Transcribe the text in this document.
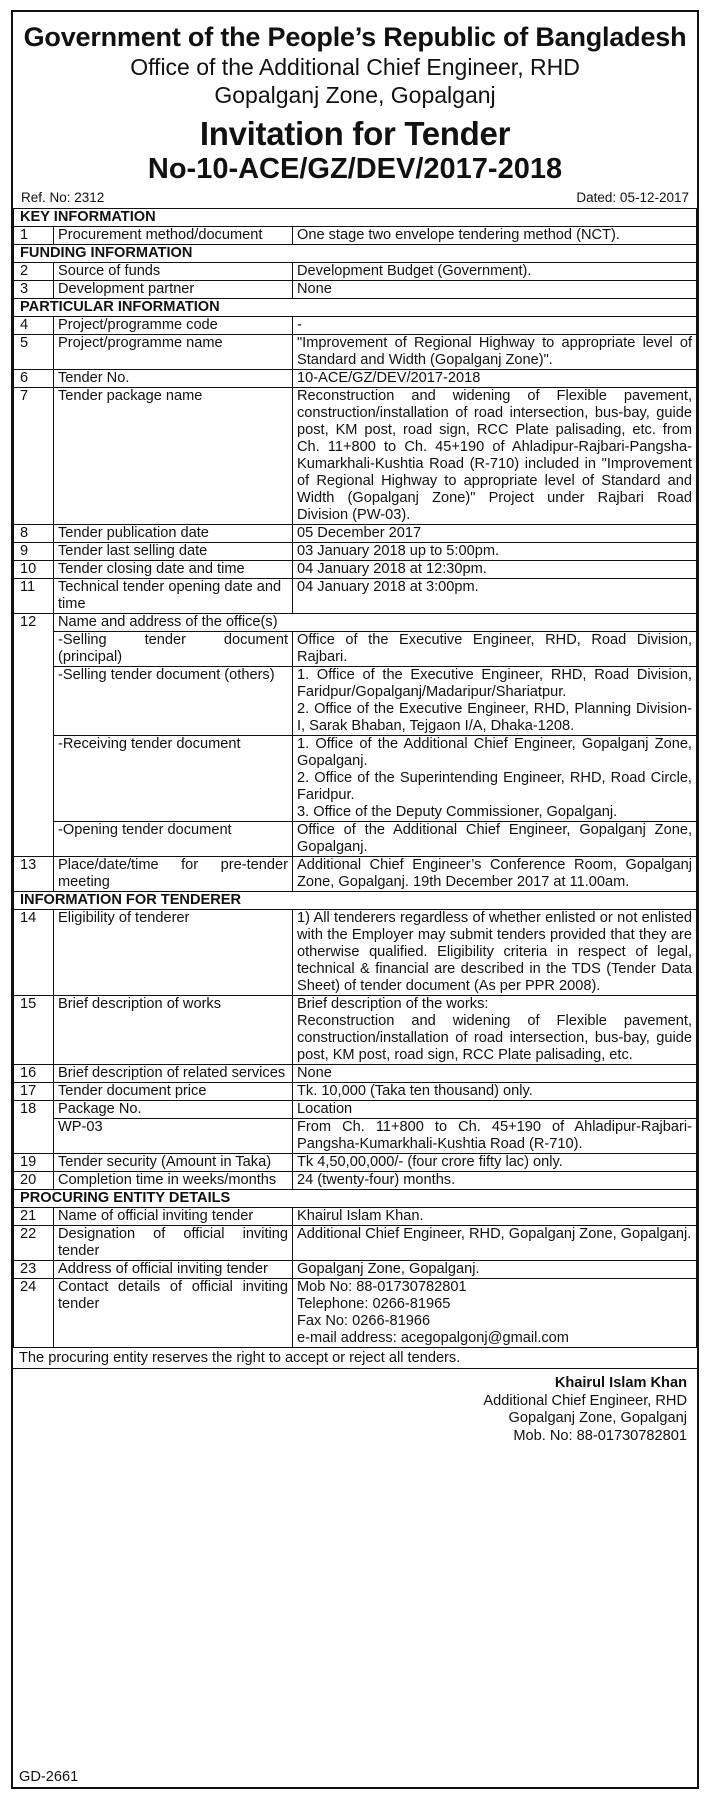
Government of the People’s Republic of Bangladesh
Office of the Additional Chief Engineer, RHD
Gopalganj Zone, Gopalganj
Invitation for Tender
No-10-ACE/GZ/DEV/2017-2018
Ref. No: 2312	Dated: 05-12-2017
KEY INFORMATION		
1	Procurement method/document	One stage two envelope tendering method (NCT).
FUNDING INFORMATION		
2	Source of funds	Development Budget (Government).
3	Development partner	None
PARTICULAR INFORMATION		
4	Project/programme code	-
5	Project/programme name	"Improvement of Regional Highway to appropriate level of Standard and Width (Gopalganj Zone)".
6	Tender No.	10-ACE/GZ/DEV/2017-2018
7	Tender package name	Reconstruction and widening of Flexible pavement, construction/installation of road intersection, bus-bay, guide post, KM post, road sign, RCC Plate palisading, etc. from Ch. 11+800 to Ch. 45+190 of Ahladipur-Rajbari-Pangsha-Kumarkhali-Kushtia Road (R-710) included in "Improvement of Regional Highway to appropriate level of Standard and Width (Gopalganj Zone)" Project under Rajbari Road Division (PW-03).
8	Tender publication date	05 December 2017
9	Tender last selling date	03 January 2018 up to 5:00pm.
10	Tender closing date and time	04 January 2018 at 12:30pm.
11	Technical tender opening date and time	04 January 2018 at 3:00pm.
12	Name and address of the office(s)	
	-Selling tender document (principal)	Office of the Executive Engineer, RHD, Road Division, Rajbari.
	-Selling tender document (others)	1. Office of the Executive Engineer, RHD, Road Division, Faridpur/Gopalganj/Madaripur/Shariatpur.
2. Office of the Executive Engineer, RHD, Planning Division-I, Sarak Bhaban, Tejgaon I/A, Dhaka-1208.

	-Receiving tender document	1. Office of the Additional Chief Engineer, Gopalganj Zone, Gopalganj.
2. Office of the Superintending Engineer, RHD, Road Circle, Faridpur.
3. Office of the Deputy Commissioner, Gopalganj.

	-Opening tender document	Office of the Additional Chief Engineer, Gopalganj Zone, Gopalganj.
13	Place/date/time for pre-tender meeting	Additional Chief Engineer’s Conference Room, Gopalganj Zone, Gopalganj. 19th December 2017 at 11.00am.
INFORMATION FOR TENDERER		
14	Eligibility of tenderer	1) All tenderers regardless of whether enlisted or not enlisted with the Employer may submit tenders provided that they are otherwise qualified. Eligibility criteria in respect of legal, technical & financial are described in the TDS (Tender Data Sheet) of tender document (As per PPR 2008).
15	Brief description of works	Brief description of the works:
Reconstruction and widening of Flexible pavement, construction/installation of road intersection, bus-bay, guide post, KM post, road sign, RCC Plate palisading, etc.

16	Brief description of related services	None
17	Tender document price	Tk. 10,000 (Taka ten thousand) only.
18	Package No.	Location
	WP-03	From Ch. 11+800 to Ch. 45+190 of Ahladipur-Rajbari-Pangsha-Kumarkhali-Kushtia Road (R-710).
19	Tender security (Amount in Taka)	Tk 4,50,00,000/- (four crore fifty lac) only.
20	Completion time in weeks/months	24 (twenty-four) months.
PROCURING ENTITY DETAILS		
21	Name of official inviting tender	Khairul Islam Khan.
22	Designation of official inviting tender	Additional Chief Engineer, RHD, Gopalganj Zone, Gopalganj.
23	Address of official inviting tender	Gopalganj Zone, Gopalganj.
24	Contact details of official inviting tender	Mob No: 88-01730782801
Telephone: 0266-81965
Fax No: 0266-81966
e-mail address: acegopalgonj@gmail.com
The procuring entity reserves the right to accept or reject all tenders.
Khairul Islam Khan
Additional Chief Engineer, RHD
Gopalganj Zone, Gopalganj
Mob. No: 88-01730782801
GD-2661
